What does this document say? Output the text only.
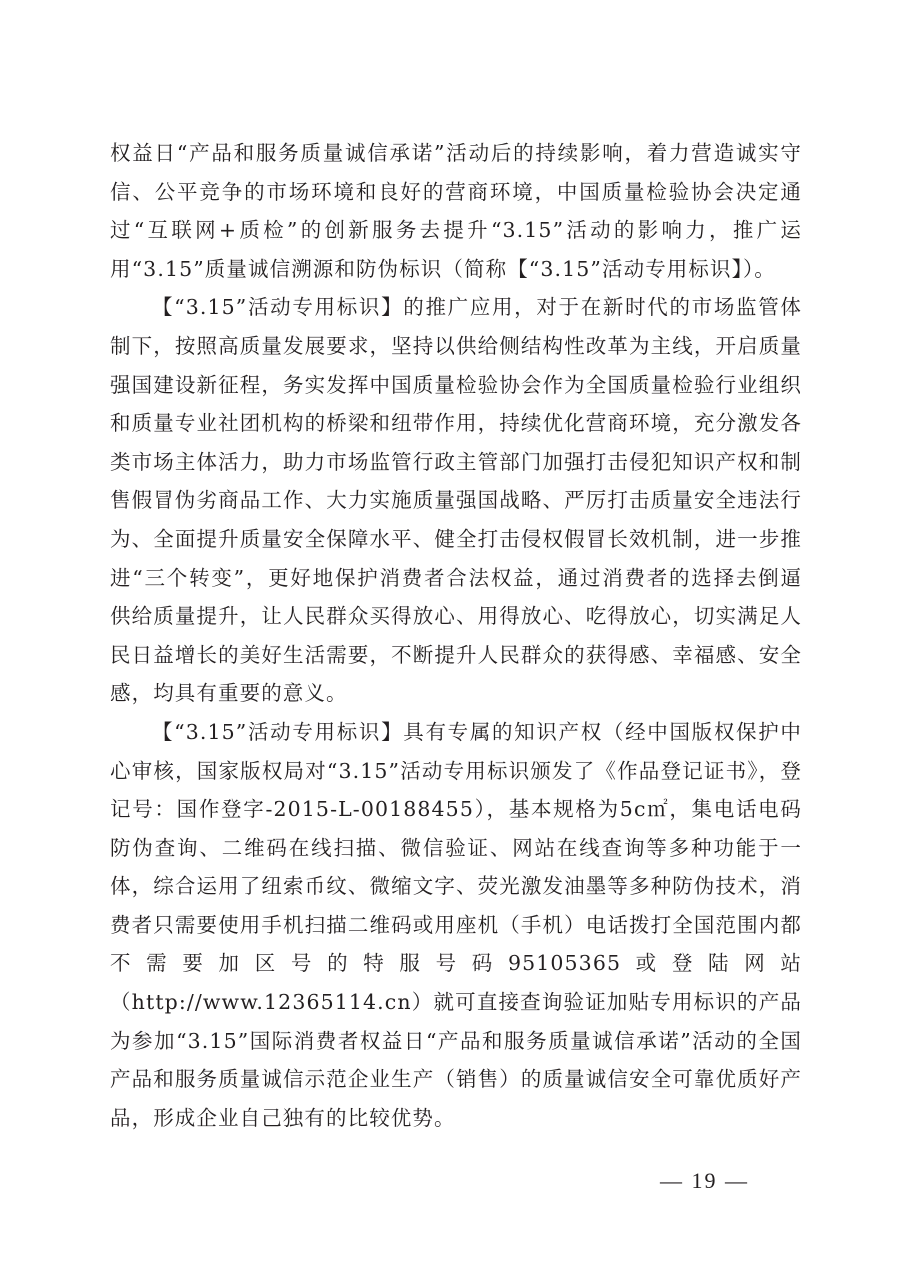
权益日“产品和服务质量诚信承诺”活动后的持续影响，着力营造诚实守信、公平竞争的市场环境和良好的营商环境，中国质量检验协会决定通过“互联网+质检”的创新服务去提升“3.15”活动的影响力，推广运用“3.15”质量诚信溯源和防伪标识（简称【“3.15”活动专用标识】）。

【“3.15”活动专用标识】的推广应用，对于在新时代的市场监管体制下，按照高质量发展要求，坚持以供给侧结构性改革为主线，开启质量强国建设新征程，务实发挥中国质量检验协会作为全国质量检验行业组织和质量专业社团机构的桥梁和纽带作用，持续优化营商环境，充分激发各类市场主体活力，助力市场监管行政主管部门加强打击侵犯知识产权和制售假冒伪劣商品工作、大力实施质量强国战略、严厉打击质量安全违法行为、全面提升质量安全保障水平、健全打击侵权假冒长效机制，进一步推进“三个转变”，更好地保护消费者合法权益，通过消费者的选择去倒逼供给质量提升，让人民群众买得放心、用得放心、吃得放心，切实满足人民日益增长的美好生活需要，不断提升人民群众的获得感、幸福感、安全感，均具有重要的意义。

【“3.15”活动专用标识】具有专属的知识产权（经中国版权保护中心审核，国家版权局对“3.15”活动专用标识颁发了《作品登记证书》，登记号：国作登字-2015-L-00188455），基本规格为5c㎡，集电话电码防伪查询、二维码在线扫描、微信验证、网站在线查询等多种功能于一体，综合运用了纽索币纹、微缩文字、荧光激发油墨等多种防伪技术，消费者只需要使用手机扫描二维码或用座机（手机）电话拨打全国范围内都不需要加区号的特服号码95105365或登陆网站（http://www.12365114.cn）就可直接查询验证加贴专用标识的产品为参加“3.15”国际消费者权益日“产品和服务质量诚信承诺”活动的全国产品和服务质量诚信示范企业生产（销售）的质量诚信安全可靠优质好产品，形成企业自己独有的比较优势。

— 19 —
